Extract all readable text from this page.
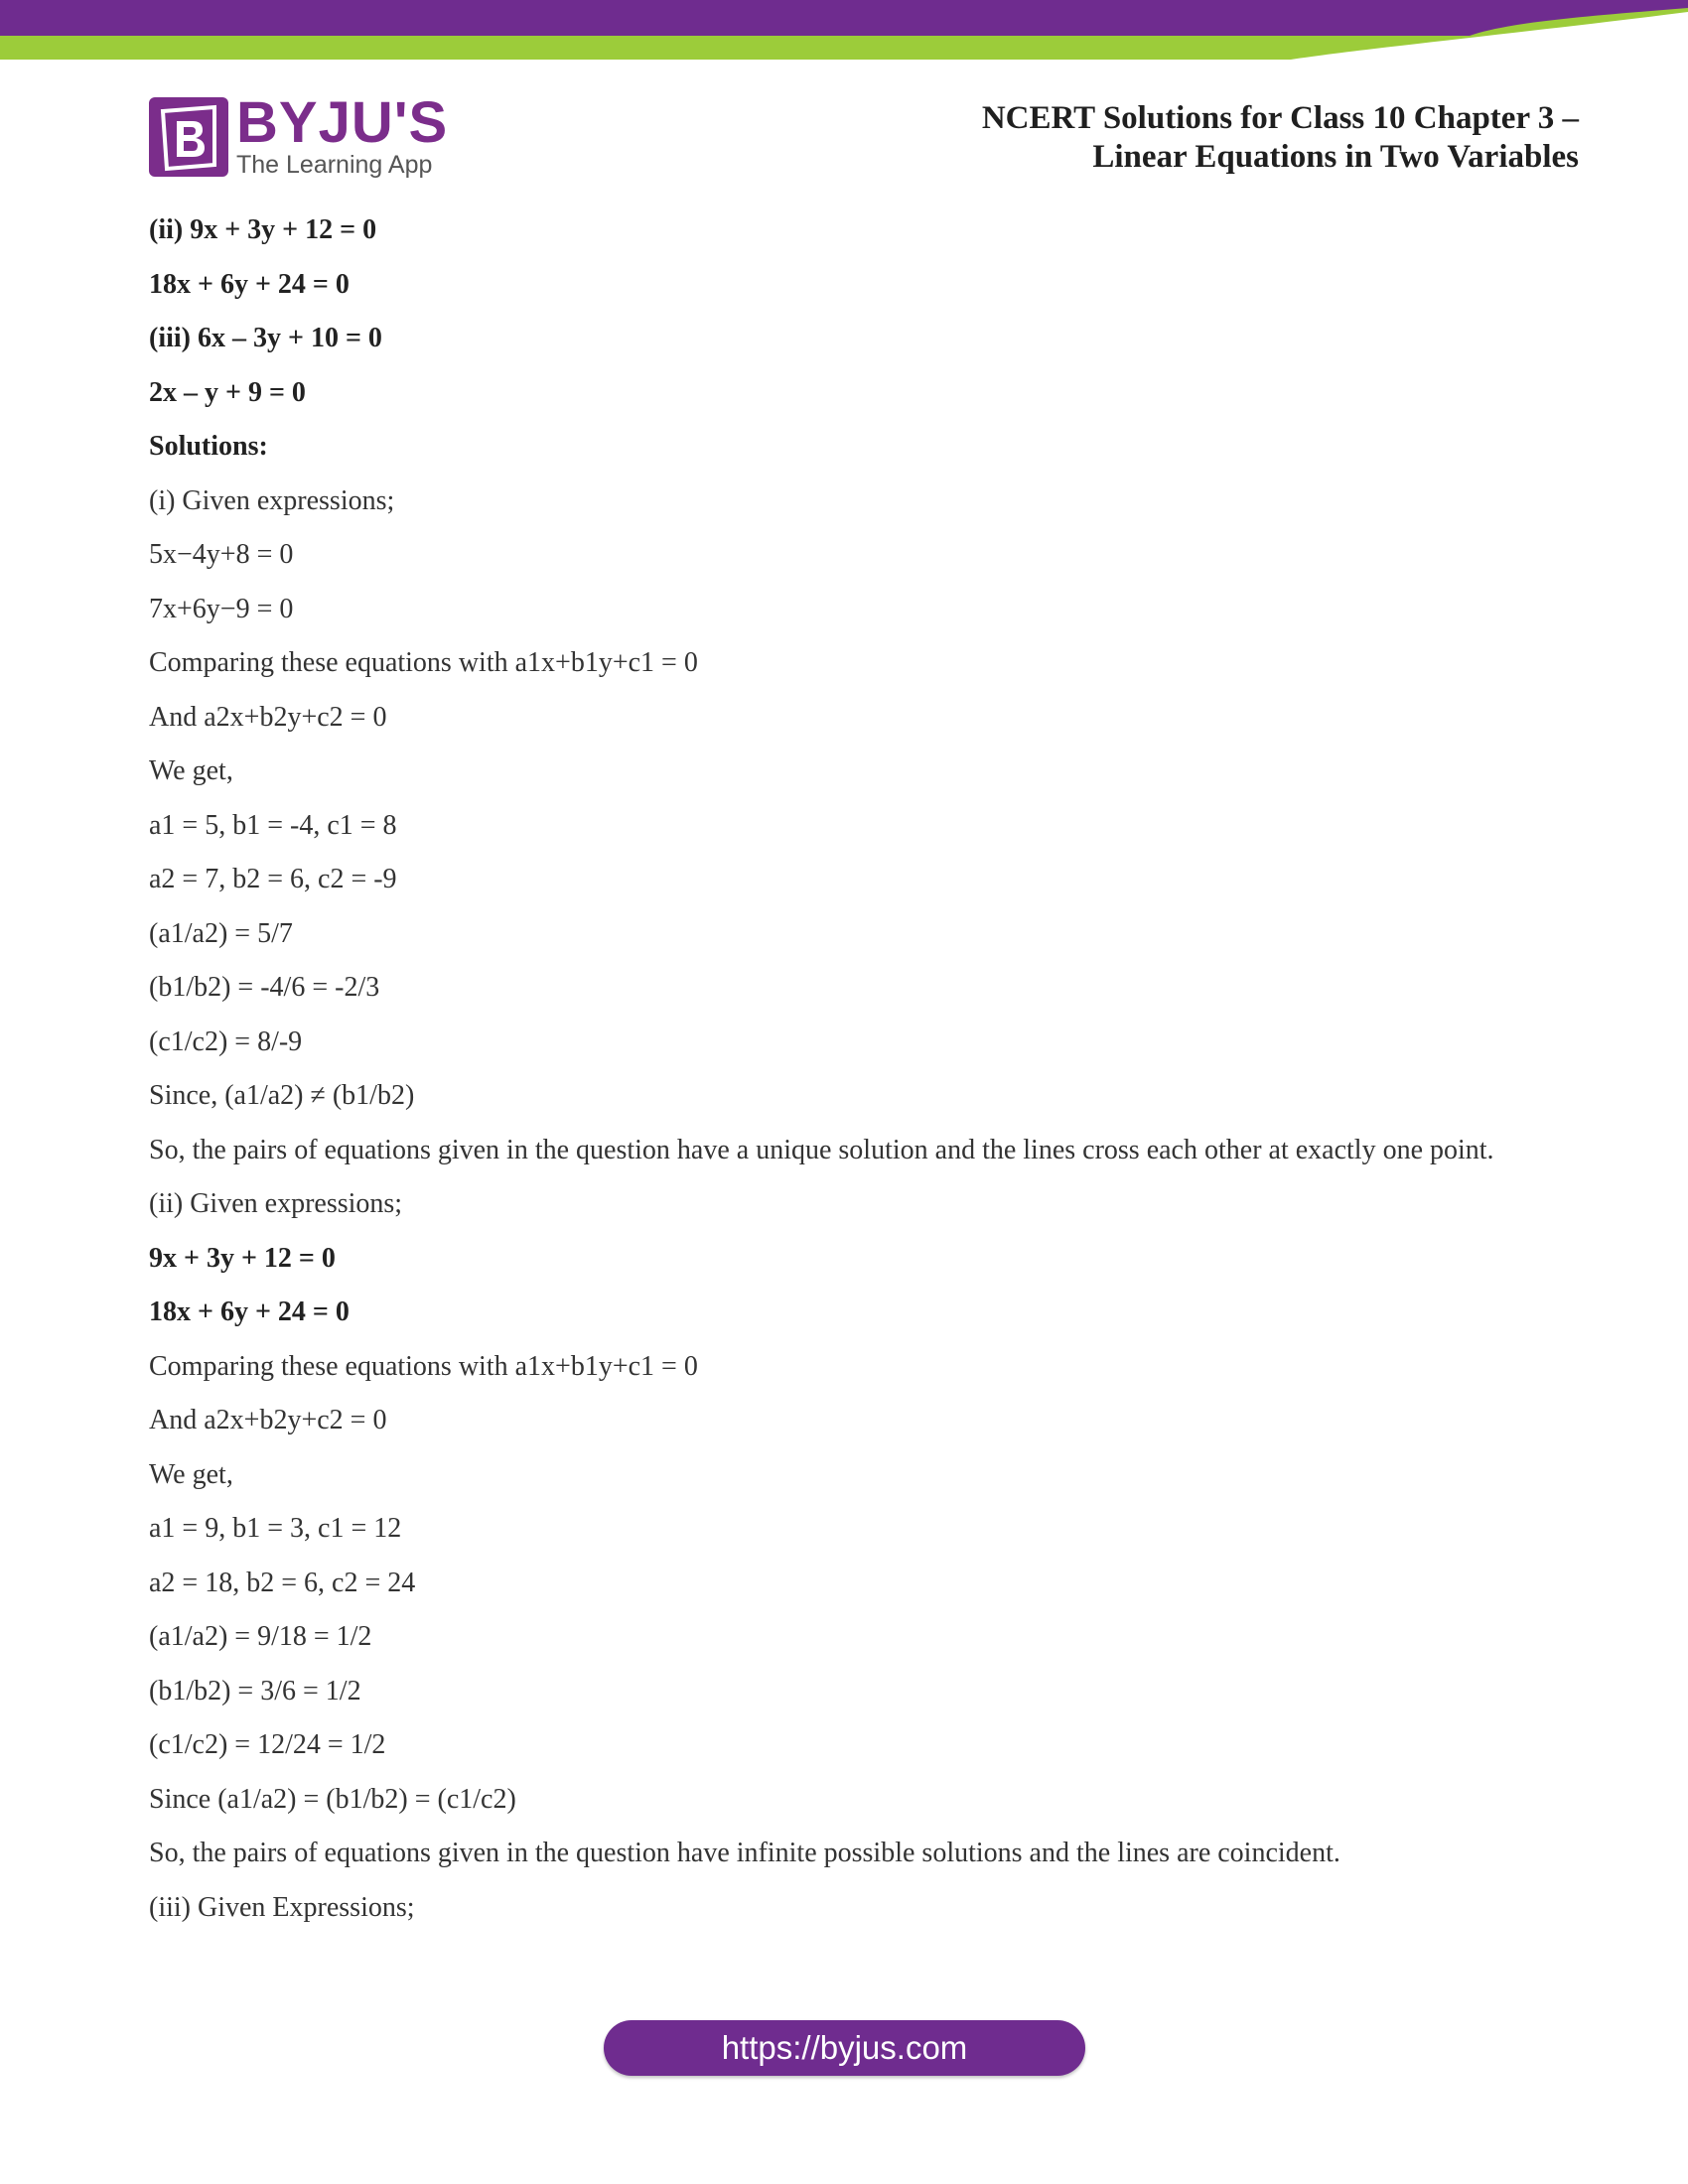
BYJU'S
The Learning App
NCERT Solutions for Class 10 Chapter 3 –
Linear Equations in Two Variables
(ii) 9x + 3y + 12 = 0
18x + 6y + 24 = 0
(iii) 6x – 3y + 10 = 0
2x – y + 9 = 0
Solutions:
(i) Given expressions;
5x−4y+8 = 0
7x+6y−9 = 0
Comparing these equations with a1x+b1y+c1 = 0
And a2x+b2y+c2 = 0
We get,
a1 = 5, b1 = -4, c1 = 8
a2 = 7, b2 = 6, c2 = -9
(a1/a2) = 5/7
(b1/b2) = -4/6 = -2/3
(c1/c2) = 8/-9
Since, (a1/a2) ≠ (b1/b2)
So, the pairs of equations given in the question have a unique solution and the lines cross each other at exactly one point.
(ii) Given expressions;
9x + 3y + 12 = 0
18x + 6y + 24 = 0
Comparing these equations with a1x+b1y+c1 = 0
And a2x+b2y+c2 = 0
We get,
a1 = 9, b1 = 3, c1 = 12
a2 = 18, b2 = 6, c2 = 24
(a1/a2) = 9/18 = 1/2
(b1/b2) = 3/6 = 1/2
(c1/c2) = 12/24 = 1/2
Since (a1/a2) = (b1/b2) = (c1/c2)
So, the pairs of equations given in the question have infinite possible solutions and the lines are coincident.
(iii) Given Expressions;
https://byjus.com
